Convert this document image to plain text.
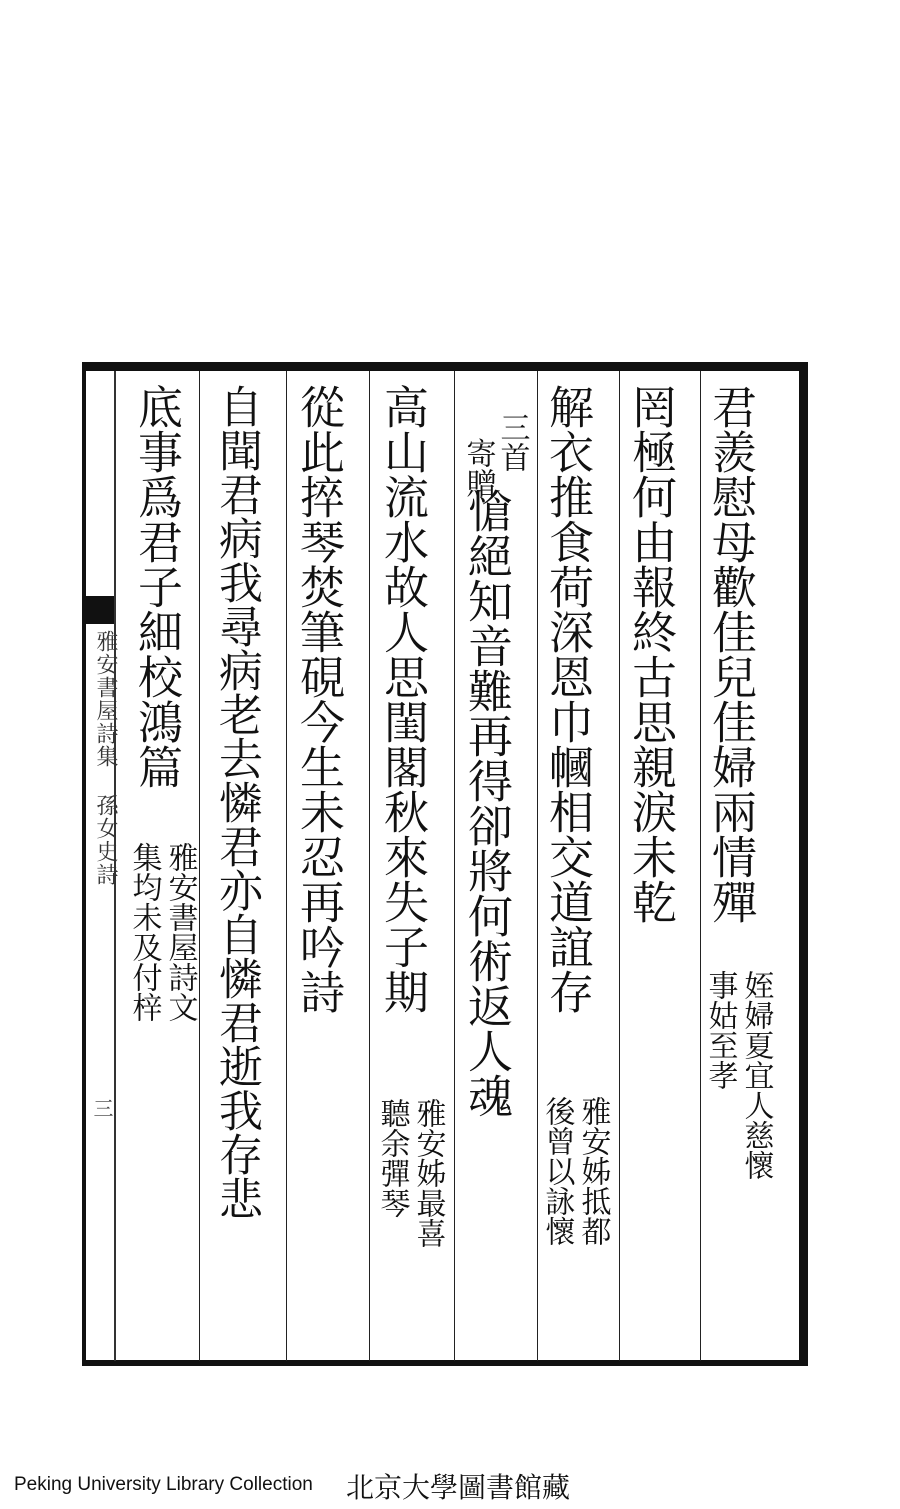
雅安書屋詩集 孫女史詩
三
君羨慰母歡佳兒佳婦兩情殫
姪婦夏宜人慈懷
事姑至孝
罔極何由報終古思親淚未乾
解衣推食荷深恩巾幗相交道誼存
雅安姊抵都
後曾以詠懷
三首
寄贈
愴絕知音難再得卻將何術返人魂
高山流水故人思閨閣秋來失子期
雅安姊最喜
聽余彈琴
從此捽琴焚筆硯今生未忍再吟詩
自聞君病我尋病老去憐君亦自憐君逝我存悲
底事爲君子細校鴻篇
雅安書屋詩文
集均未及付梓
Peking University Library Collection 北京大學圖書館藏
